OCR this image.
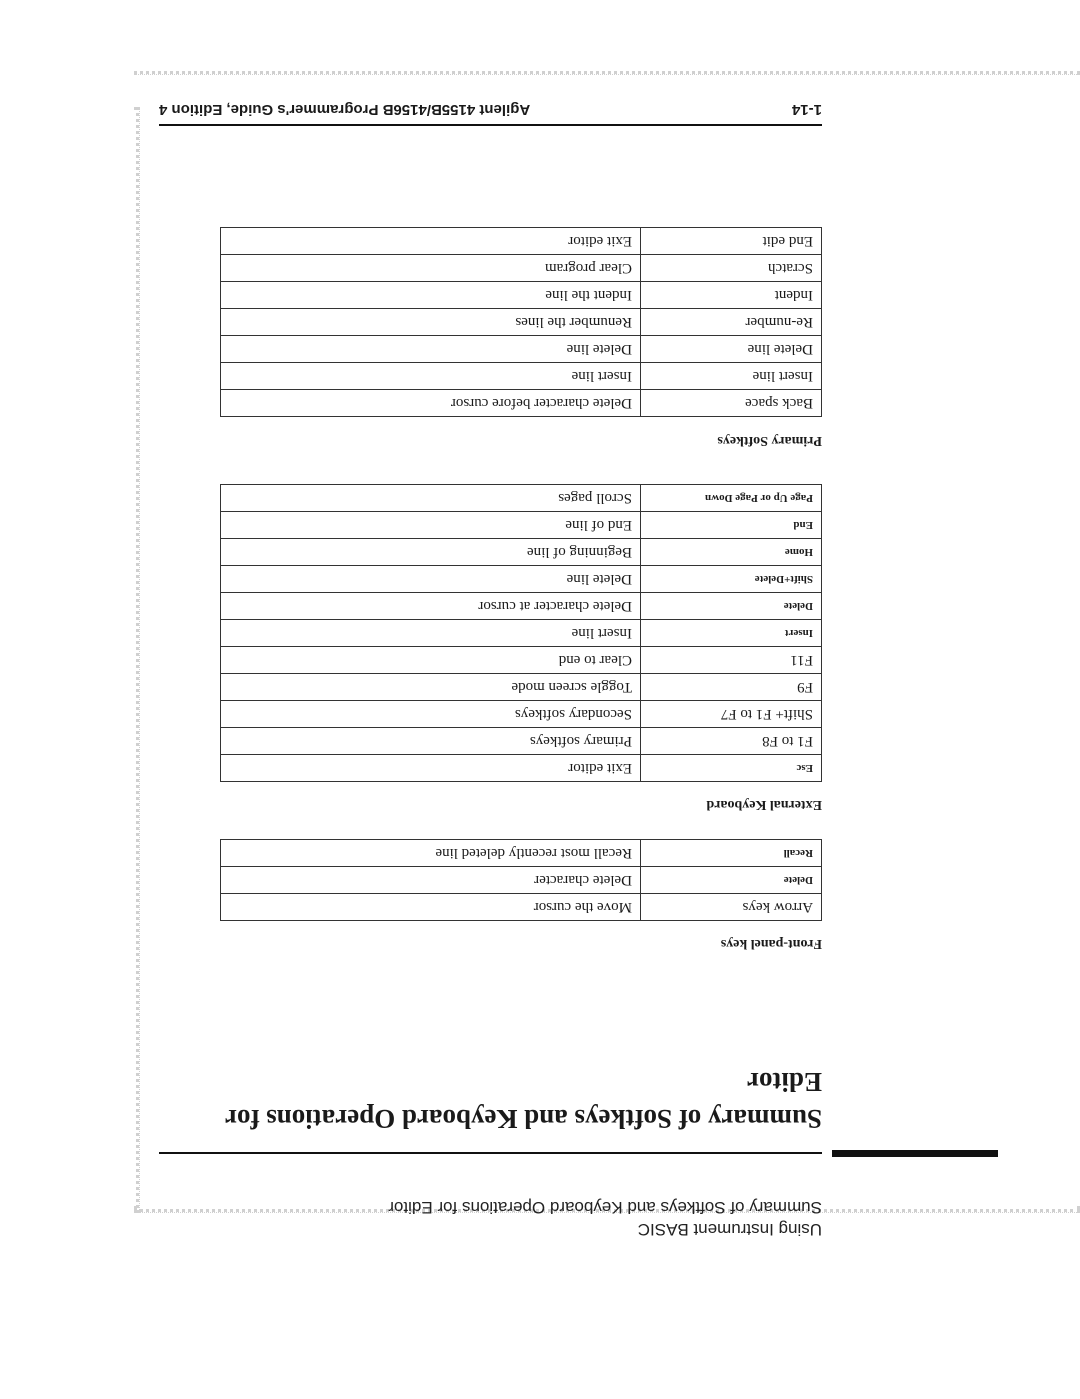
Using Instrument BASIC
Summary of Softkeys and Keyboard Operations for Editor
Summary of Softkeys and Keyboard Operations for Editor
Front-panel keys
Arrow keys	Move the cursor
Delete	Delete character
Recall	Recall most recently deleted line
External Keyboard
Esc	Exit editor
F1 to F8	Primary softkeys
Shift+ F1 to F7	Secondary softkeys
F9	Toggle screen mode
F11	Clear to end
Insert	Insert line
Delete	Delete character at cursor
Shift+Delete	Delete line
Home	Beginning of line
End	End of line
Page Up or Page Down	Scroll pages
Primary Softkeys
Back space	Delete character before cursor
Insert line	Insert line
Delete line	Delete line
Re-number	Renumber the lines
Indent	Indent the line
Scratch	Clear program
End edit	Exit editor
1-14
Agilent 4155B/4156B Programmer's Guide, Edition 4
